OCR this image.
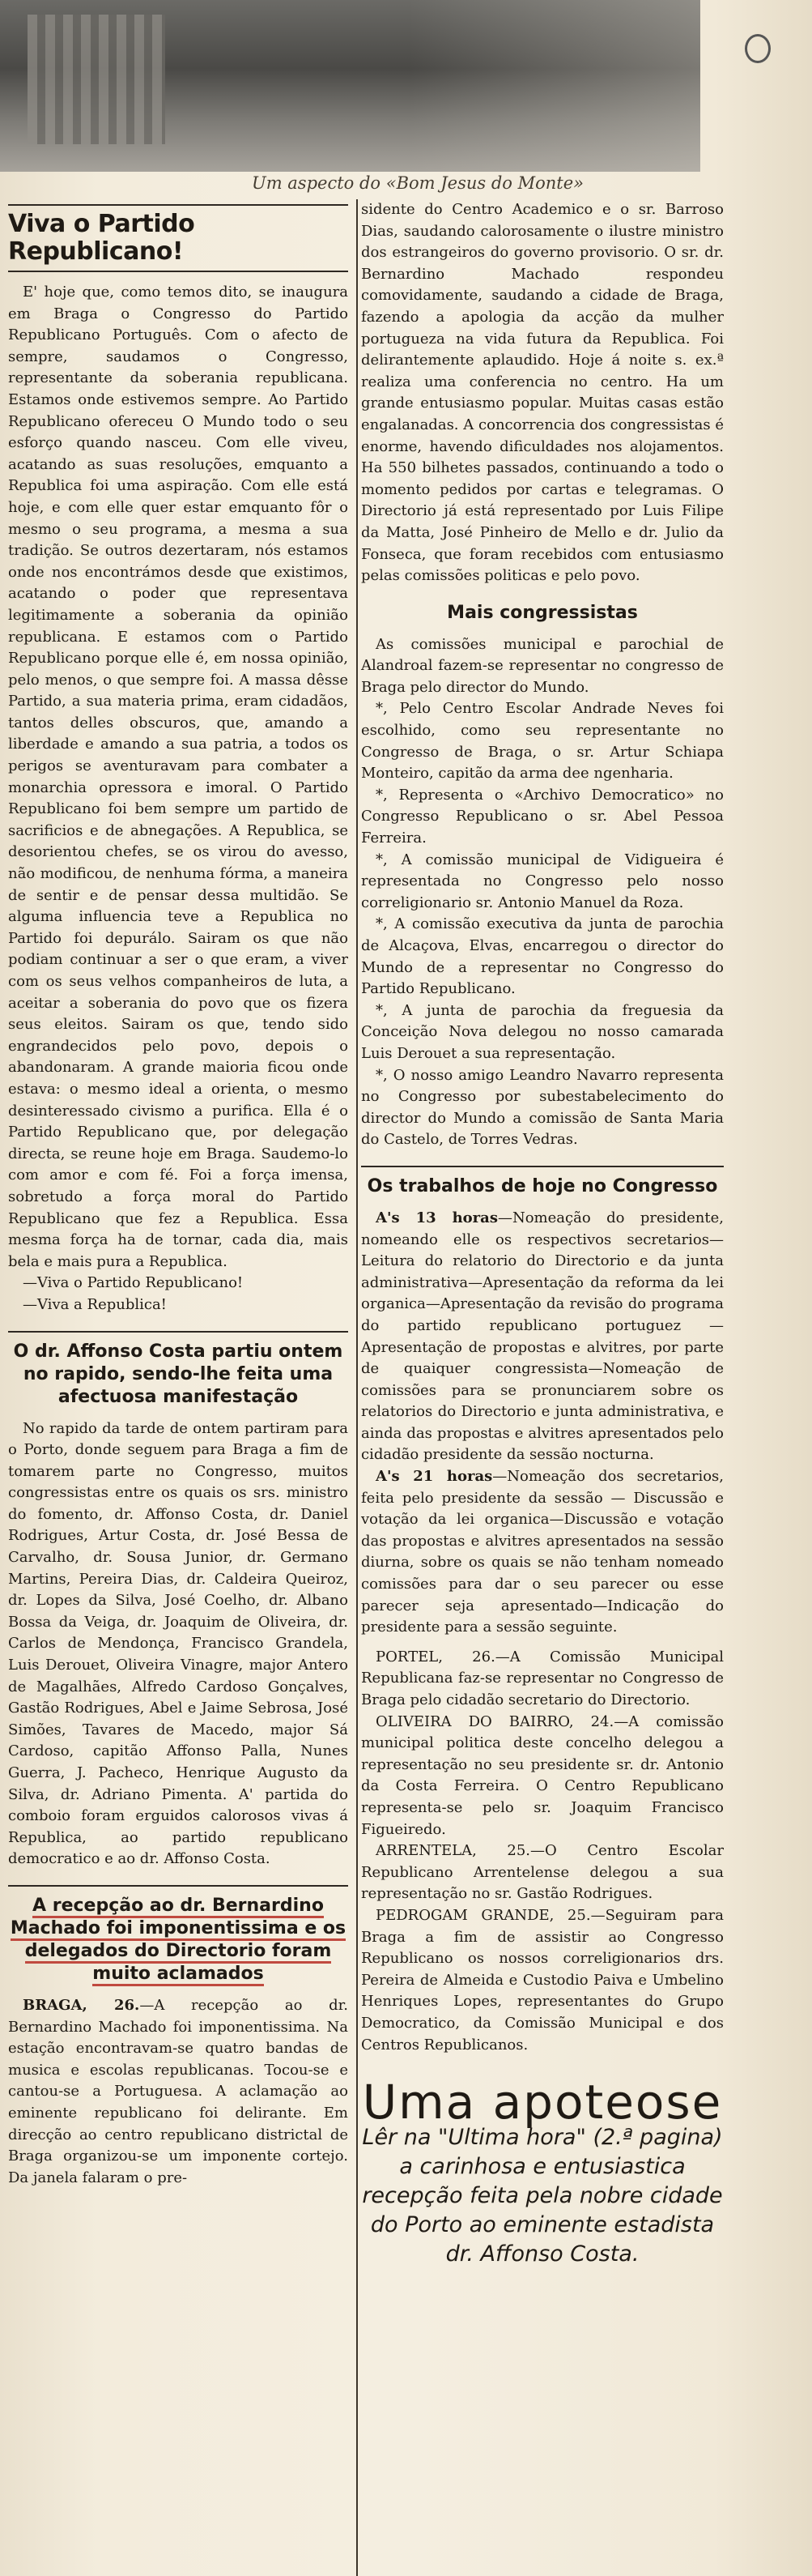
Um aspecto do «Bom Jesus do Monte»
Viva o Partido Republicano!

E' hoje que, como temos dito, se inaugura em Braga o Congresso do Partido Republicano Português. Com o afecto de sempre, saudamos o Congresso, representante da soberania republicana. Estamos onde estivemos sempre. Ao Partido Republicano ofereceu O Mundo todo o seu esforço quando nasceu. Com elle viveu, acatando as suas resoluções, emquanto a Republica foi uma aspiração. Com elle está hoje, e com elle quer estar emquanto fôr o mesmo o seu programa, a mesma a sua tradição. Se outros dezertaram, nós estamos onde nos encontrámos desde que existimos, acatando o poder que representava legitimamente a soberania da opinião republicana. E estamos com o Partido Republicano porque elle é, em nossa opinião, pelo menos, o que sempre foi. A massa dêsse Partido, a sua materia prima, eram cidadãos, tantos delles obscuros, que, amando a liberdade e amando a sua patria, a todos os perigos se aventuravam para combater a monarchia opressora e imoral. O Partido Republicano foi bem sempre um partido de sacrificios e de abnegações. A Republica, se desorientou chefes, se os virou do avesso, não modificou, de nenhuma fórma, a maneira de sentir e de pensar dessa multidão. Se alguma influencia teve a Republica no Partido foi depurálo. Sairam os que não podiam continuar a ser o que eram, a viver com os seus velhos companheiros de luta, a aceitar a soberania do povo que os fizera seus eleitos. Sairam os que, tendo sido engrandecidos pelo povo, depois o abandonaram. A grande maioria ficou onde estava: o mesmo ideal a orienta, o mesmo desinteressado civismo a purifica. Ella é o Partido Republicano que, por delegação directa, se reune hoje em Braga. Saudemo-lo com amor e com fé. Foi a força imensa, sobretudo a força moral do Partido Republicano que fez a Republica. Essa mesma força ha de tornar, cada dia, mais bela e mais pura a Republica.

—Viva o Partido Republicano!

—Viva a Republica!

O dr. Affonso Costa partiu ontem no rapido, sendo-lhe feita uma afectuosa manifestação

No rapido da tarde de ontem partiram para o Porto, donde seguem para Braga a fim de tomarem parte no Congresso, muitos congressistas entre os quais os srs. ministro do fomento, dr. Affonso Costa, dr. Daniel Rodrigues, Artur Costa, dr. José Bessa de Carvalho, dr. Sousa Junior, dr. Germano Martins, Pereira Dias, dr. Caldeira Queiroz, dr. Lopes da Silva, José Coelho, dr. Albano Bossa da Veiga, dr. Joaquim de Oliveira, dr. Carlos de Mendonça, Francisco Grandela, Luis Derouet, Oliveira Vinagre, major Antero de Magalhães, Alfredo Cardoso Gonçalves, Gastão Rodrigues, Abel e Jaime Sebrosa, José Simões, Tavares de Macedo, major Sá Cardoso, capitão Affonso Palla, Nunes Guerra, J. Pacheco, Henrique Augusto da Silva, dr. Adriano Pimenta. A' partida do comboio foram erguidos calorosos vivas á Republica, ao partido republicano democratico e ao dr. Affonso Costa.

A recepção ao dr. Bernardino Machado foi imponentissima e os delegados do Directorio foram muito aclamados

BRAGA, 26.—A recepção ao dr. Bernardino Machado foi imponentissima. Na estação encontravam-se quatro bandas de musica e escolas republicanas. Tocou-se e cantou-se a Portuguesa. A aclamação ao eminente republicano foi delirante. Em direcção ao centro republicano districtal de Braga organizou-se um imponente cortejo. Da janela falaram o pre-

sidente do Centro Academico e o sr. Barroso Dias, saudando calorosamente o ilustre ministro dos estrangeiros do governo provisorio. O sr. dr. Bernardino Machado respondeu comovidamente, saudando a cidade de Braga, fazendo a apologia da acção da mulher portugueza na vida futura da Republica. Foi delirantemente aplaudido. Hoje á noite s. ex.ª realiza uma conferencia no centro. Ha um grande entusiasmo popular. Muitas casas estão engalanadas. A concorrencia dos congressistas é enorme, havendo dificuldades nos alojamentos. Ha 550 bilhetes passados, continuando a todo o momento pedidos por cartas e telegramas. O Directorio já está representado por Luis Filipe da Matta, José Pinheiro de Mello e dr. Julio da Fonseca, que foram recebidos com entusiasmo pelas comissões politicas e pelo povo.

Mais congressistas

As comissões municipal e parochial de Alandroal fazem-se representar no congresso de Braga pelo director do Mundo.

*, Pelo Centro Escolar Andrade Neves foi escolhido, como seu representante no Congresso de Braga, o sr. Artur Schiapa Monteiro, capitão da arma dee ngenharia.

*, Representa o «Archivo Democratico» no Congresso Republicano o sr. Abel Pessoa Ferreira.

*, A comissão municipal de Vidigueira é representada no Congresso pelo nosso correligionario sr. Antonio Manuel da Roza.

*, A comissão executiva da junta de parochia de Alcaçova, Elvas, encarregou o director do Mundo de a representar no Congresso do Partido Republicano.

*, A junta de parochia da freguesia da Conceição Nova delegou no nosso camarada Luis Derouet a sua representação.

*, O nosso amigo Leandro Navarro representa no Congresso por subestabelecimento do director do Mundo a comissão de Santa Maria do Castelo, de Torres Vedras.

Os trabalhos de hoje no Congresso

A's 13 horas—Nomeação do presidente, nomeando elle os respectivos secretarios—Leitura do relatorio do Directorio e da junta administrativa—Apresentação da reforma da lei organica—Apresentação da revisão do programa do partido republicano portuguez — Apresentação de propostas e alvitres, por parte de quaiquer congressista—Nomeação de comissões para se pronunciarem sobre os relatorios do Directorio e junta administrativa, e ainda das propostas e alvitres apresentados pelo cidadão presidente da sessão nocturna.

A's 21 horas—Nomeação dos secretarios, feita pelo presidente da sessão — Discussão e votação da lei organica—Discussão e votação das propostas e alvitres apresentados na sessão diurna, sobre os quais se não tenham nomeado comissões para dar o seu parecer ou esse parecer seja apresentado—Indicação do presidente para a sessão seguinte.

PORTEL, 26.—A Comissão Municipal Republicana faz-se representar no Congresso de Braga pelo cidadão secretario do Directorio.

OLIVEIRA DO BAIRRO, 24.—A comissão municipal politica deste concelho delegou a representação no seu presidente sr. dr. Antonio da Costa Ferreira. O Centro Republicano representa-se pelo sr. Joaquim Francisco Figueiredo.

ARRENTELA, 25.—O Centro Escolar Republicano Arrentelense delegou a sua representação no sr. Gastão Rodrigues.

PEDROGAM GRANDE, 25.—Seguiram para Braga a fim de assistir ao Congresso Republicano os nossos correligionarios drs. Pereira de Almeida e Custodio Paiva e Umbelino Henriques Lopes, representantes do Grupo Democratico, da Comissão Municipal e dos Centros Republicanos.

Uma apoteose
Lêr na "Ultima hora" (2.ª pagina) a carinhosa e entusiastica recepção feita pela nobre cidade do Porto ao eminente estadista dr. Affonso Costa.
